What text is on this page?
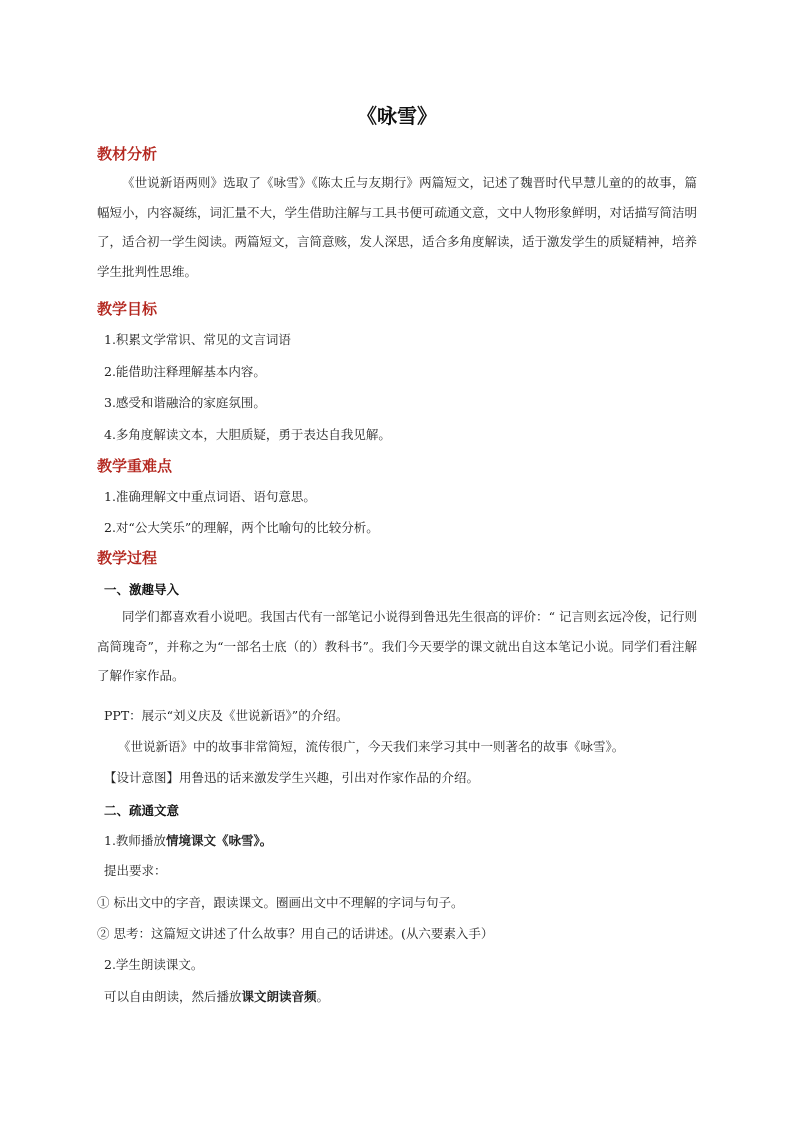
《咏雪》
教材分析

《世说新语两则》选取了《咏雪》《陈太丘与友期行》两篇短文，记述了魏晋时代早慧儿童的的故事，篇幅短小，内容凝练，词汇量不大，学生借助注解与工具书便可疏通文意，文中人物形象鲜明，对话描写简洁明了，适合初一学生阅读。两篇短文，言简意赅，发人深思，适合多角度解读，适于激发学生的质疑精神，培养学生批判性思维。

教学目标

1.积累文学常识、常见的文言词语

2.能借助注释理解基本内容。

3.感受和谐融洽的家庭氛围。

4.多角度解读文本，大胆质疑，勇于表达自我见解。

教学重难点

1.准确理解文中重点词语、语句意思。

2.对“公大笑乐”的理解，两个比喻句的比较分析。

教学过程
一、激趣导入

同学们都喜欢看小说吧。我国古代有一部笔记小说得到鲁迅先生很高的评价：“ 记言则玄远冷俊，记行则高简瑰奇”，并称之为“一部名士底（的）教科书”。我们今天要学的课文就出自这本笔记小说。同学们看注解了解作家作品。

PPT：展示“刘义庆及《世说新语》”的介绍。

《世说新语》中的故事非常简短，流传很广，今天我们来学习其中一则著名的故事《咏雪》。

【设计意图】用鲁迅的话来激发学生兴趣，引出对作家作品的介绍。

二、疏通文意

1.教师播放情境课文《咏雪》。

提出要求：

① 标出文中的字音，跟读课文。圈画出文中不理解的字词与句子。

② 思考：这篇短文讲述了什么故事？用自己的话讲述。(从六要素入手）

2.学生朗读课文。

可以自由朗读，然后播放课文朗读音频。
